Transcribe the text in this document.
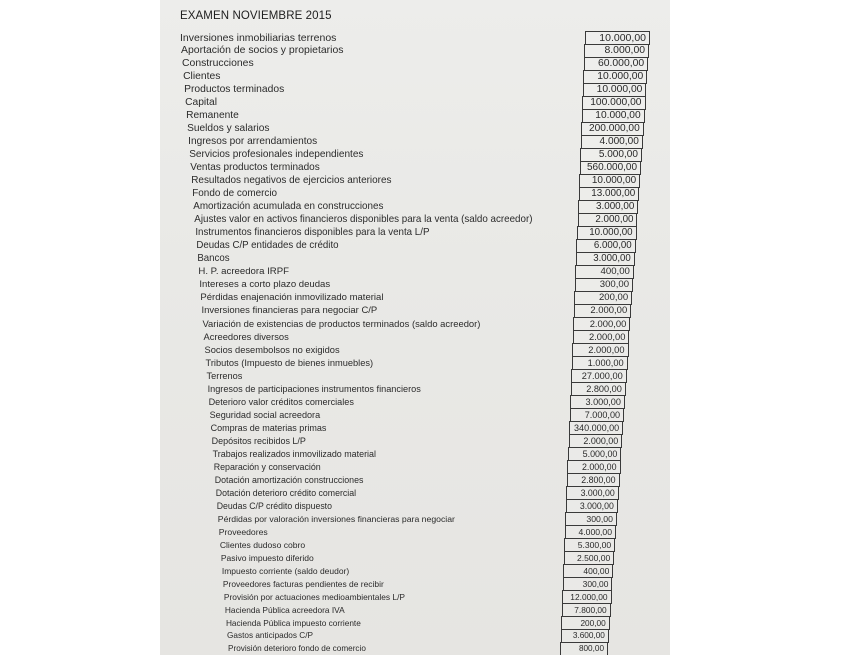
EXAMEN NOVIEMBRE 2015
Inversiones inmobiliarias terrenos	10.000,00
Aportación de socios y propietarios	8.000,00
Construcciones	60.000,00
Clientes	10.000,00
Productos terminados	10.000,00
Capital	100.000,00
Remanente	10.000,00
Sueldos y salarios	200.000,00
Ingresos por arrendamientos	4.000,00
Servicios profesionales independientes	5.000,00
Ventas productos terminados	560.000,00
Resultados negativos de ejercicios anteriores	10.000,00
Fondo de comercio	13.000,00
Amortización acumulada en construcciones	3.000,00
Ajustes valor en activos financieros disponibles para la venta (saldo acreedor)	2.000,00
Instrumentos financieros disponibles para la venta L/P	10.000,00
Deudas C/P entidades de crédito	6.000,00
Bancos	3.000,00
H. P. acreedora IRPF	400,00
Intereses a corto plazo deudas	300,00
Pérdidas enajenación inmovilizado material	200,00
Inversiones financieras para negociar C/P	2.000,00
Variación de existencias de productos terminados (saldo acreedor)	2.000,00
Acreedores diversos	2.000,00
Socios desembolsos no exigidos	2.000,00
Tributos (Impuesto de bienes inmuebles)	1.000,00
Terrenos	27.000,00
Ingresos de participaciones instrumentos financieros	2.800,00
Deterioro valor créditos comerciales	3.000,00
Seguridad social acreedora	7.000,00
Compras de materias primas	340.000,00
Depósitos recibidos L/P	2.000,00
Trabajos realizados inmovilizado material	5.000,00
Reparación y conservación	2.000,00
Dotación amortización construcciones	2.800,00
Dotación deterioro crédito comercial	3.000,00
Deudas C/P crédito dispuesto	3.000,00
Pérdidas por valoración inversiones financieras para negociar	300,00
Proveedores	4.000,00
Clientes dudoso cobro	5.300,00
Pasivo impuesto diferido	2.500,00
Impuesto corriente (saldo deudor)	400,00
Proveedores facturas pendientes de recibir	300,00
Provisión por actuaciones medioambientales L/P	12.000,00
Hacienda Pública acreedora IVA	7.800,00
Hacienda Pública impuesto corriente	200,00
Gastos anticipados C/P	3.600,00
Provisión deterioro fondo de comercio	800,00
